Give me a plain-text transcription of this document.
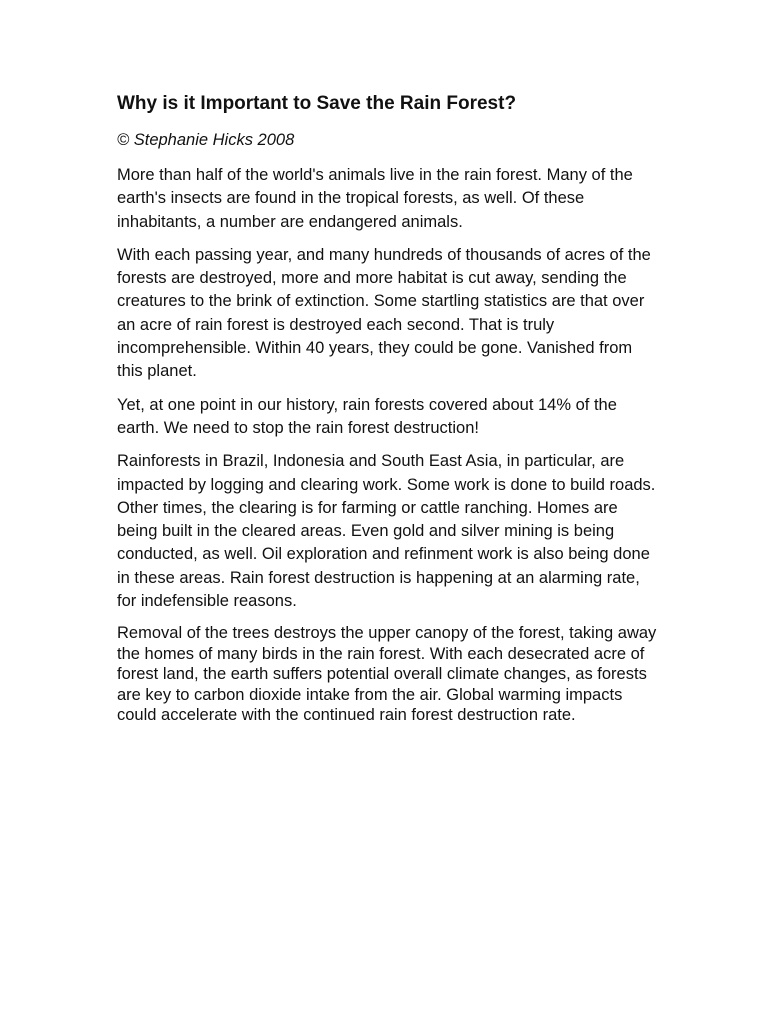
Why is it Important to Save the Rain Forest?

© Stephanie Hicks 2008

More than half of the world's animals live in the rain forest. Many of the earth's insects are found in the tropical forests, as well. Of these inhabitants, a number are endangered animals.

With each passing year, and many hundreds of thousands of acres of the forests are destroyed, more and more habitat is cut away, sending the creatures to the brink of extinction. Some startling statistics are that over an acre of rain forest is destroyed each second. That is truly incomprehensible. Within 40 years, they could be gone. Vanished from this planet.

Yet, at one point in our history, rain forests covered about 14% of the earth. We need to stop the rain forest destruction!

Rainforests in Brazil, Indonesia and South East Asia, in particular, are impacted by logging and clearing work. Some work is done to build roads. Other times, the clearing is for farming or cattle ranching. Homes are being built in the cleared areas. Even gold and silver mining is being conducted, as well. Oil exploration and refinment work is also being done in these areas. Rain forest destruction is happening at an alarming rate, for indefensible reasons.

Removal of the trees destroys the upper canopy of the forest, taking away the homes of many birds in the rain forest. With each desecrated acre of forest land, the earth suffers potential overall climate changes, as forests are key to carbon dioxide intake from the air. Global warming impacts could accelerate with the continued rain forest destruction rate.
